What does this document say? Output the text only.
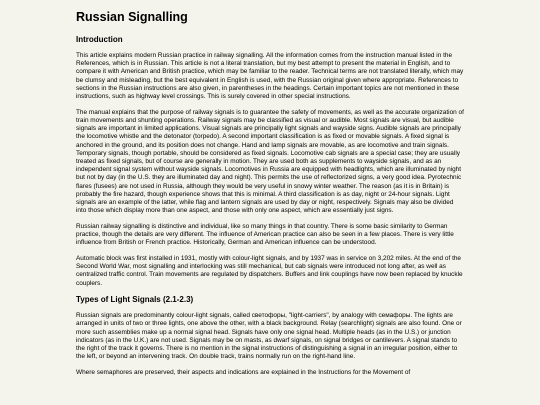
Russian Signalling
Introduction

This article explains modern Russian practice in railway signalling. All the information comes from the instruction manual listed in the References, which is in Russian. This article is not a literal translation, but my best attempt to present the material in English, and to compare it with American and British practice, which may be familiar to the reader. Technical terms are not translated literally, which may be clumsy and misleading, but the best equivalent in English is used, with the Russian original given where appropriate. References to sections in the Russian instructions are also given, in parentheses in the headings. Certain important topics are not mentioned in these instructions, such as highway level crossings. This is surely covered in other special instructions.

The manual explains that the purpose of railway signals is to guarantee the safety of movements, as well as the accurate organization of train movements and shunting operations. Railway signals may be classified as visual or audible. Most signals are visual, but audible signals are important in limited applications. Visual signals are principally light signals and wayside signs. Audible signals are principally the locomotive whistle and the detonator (torpedo). A second important classification is as fixed or movable signals. A fixed signal is anchored in the ground, and its position does not change. Hand and lamp signals are movable, as are locomotive and train signals. Temporary signals, though portable, should be considered as fixed signals. Locomotive cab signals are a special case; they are usually treated as fixed signals, but of course are generally in motion. They are used both as supplements to wayside signals, and as an independent signal system without wayside signals. Locomotives in Russia are equipped with headlights, which are illuminated by night but not by day (in the U.S. they are illuminated day and night). This permits the use of reflectorized signs, a very good idea. Pyrotechnic flares (fusees) are not used in Russia, although they would be very useful in snowy winter weather. The reason (as it is in Britain) is probably the fire hazard, though experience shows that this is minimal. A third classification is as day, night or 24-hour signals. Light signals are an example of the latter, while flag and lantern signals are used by day or night, respectively. Signals may also be divided into those which display more than one aspect, and those with only one aspect, which are essentially just signs.

Russian railway signalling is distinctive and individual, like so many things in that country. There is some basic similarity to German practice, though the details are very different. The influence of American practice can also be seen in a few places. There is very little influence from British or French practice. Historically, German and American influence can be understood.

Automatic block was first installed in 1931, mostly with colour-light signals, and by 1937 was in service on 3,202 miles. At the end of the Second World War, most signalling and interlocking was still mechanical, but cab signals were introduced not long after, as well as centralized traffic control. Train movements are regulated by dispatchers. Buffers and link couplings have now been replaced by knuckle couplers.

Types of Light Signals (2.1-2.3)

Russian signals are predominantly colour-light signals, called светофоры, "light-carriers", by analogy with семафоры. The lights are arranged in units of two or three lights, one above the other, with a black background. Relay (searchlight) signals are also found. One or more such assemblies make up a normal signal head. Signals have only one signal head. Multiple heads (as in the U.S.) or junction indicators (as in the U.K.) are not used. Signals may be on masts, as dwarf signals, on signal bridges or cantilevers. A signal stands to the right of the track it governs. There is no mention in the signal instructions of distinguishing a signal in an irregular position, either to the left, or beyond an intervening track. On double track, trains normally run on the right-hand line.

Where semaphores are preserved, their aspects and indications are explained in the Instructions for the Movement of
